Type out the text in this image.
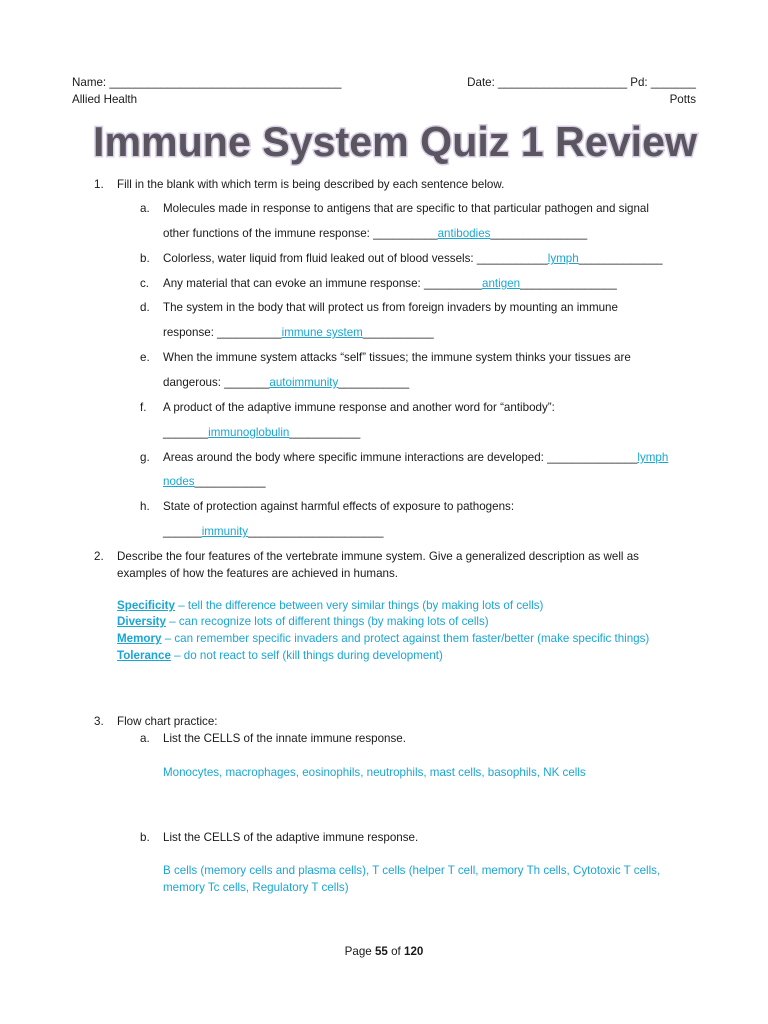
Name: ____________________________________	Date: ____________________ Pd: _______
Allied Health	Potts
Immune System Quiz 1 Review
1. Fill in the blank with which term is being described by each sentence below.
a. Molecules made in response to antigens that are specific to that particular pathogen and signal
other functions of the immune response: __________antibodies_______________
b. Colorless, water liquid from fluid leaked out of blood vessels: ___________lymph_____________
c. Any material that can evoke an immune response: _________antigen_______________
d. The system in the body that will protect us from foreign invaders by mounting an immune
response: __________immune system___________
e. When the immune system attacks “self” tissues; the immune system thinks your tissues are
dangerous: _______autoimmunity___________
f. A product of the adaptive immune response and another word for “antibody”:
_______immunoglobulin___________
g. Areas around the body where specific immune interactions are developed: ______________lymph
nodes___________
h. State of protection against harmful effects of exposure to pathogens:
______immunity_____________________
2. Describe the four features of the vertebrate immune system. Give a generalized description as well as
examples of how the features are achieved in humans.
Specificity – tell the difference between very similar things (by making lots of cells)
Diversity – can recognize lots of different things (by making lots of cells)
Memory – can remember specific invaders and protect against them faster/better (make specific things)
Tolerance – do not react to self (kill things during development)
3. Flow chart practice:
a. List the CELLS of the innate immune response.
Monocytes, macrophages, eosinophils, neutrophils, mast cells, basophils, NK cells
b. List the CELLS of the adaptive immune response.
B cells (memory cells and plasma cells), T cells (helper T cell, memory Th cells, Cytotoxic T cells,
memory Tc cells, Regulatory T cells)
Page 55 of 120
